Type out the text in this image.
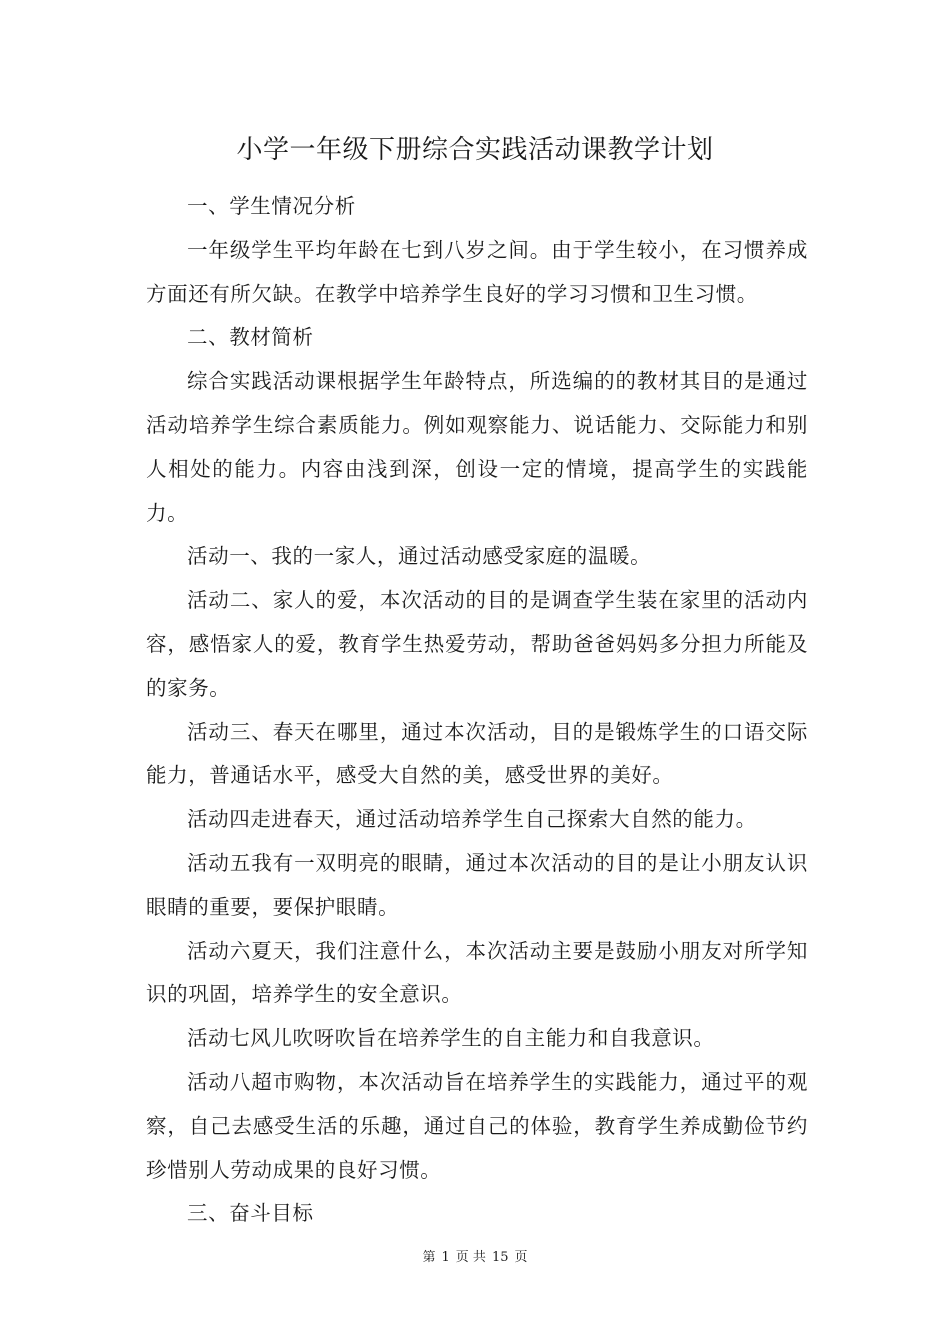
小学一年级下册综合实践活动课教学计划

一、学生情况分析

一年级学生平均年龄在七到八岁之间。由于学生较小，在习惯养成方面还有所欠缺。在教学中培养学生良好的学习习惯和卫生习惯。

二、教材简析

综合实践活动课根据学生年龄特点，所选编的的教材其目的是通过活动培养学生综合素质能力。例如观察能力、说话能力、交际能力和别人相处的能力。内容由浅到深，创设一定的情境，提高学生的实践能力。

活动一、我的一家人，通过活动感受家庭的温暖。

活动二、家人的爱，本次活动的目的是调查学生装在家里的活动内容，感悟家人的爱，教育学生热爱劳动，帮助爸爸妈妈多分担力所能及的家务。

活动三、春天在哪里，通过本次活动，目的是锻炼学生的口语交际能力，普通话水平，感受大自然的美，感受世界的美好。

活动四走进春天，通过活动培养学生自己探索大自然的能力。

活动五我有一双明亮的眼睛，通过本次活动的目的是让小朋友认识眼睛的重要，要保护眼睛。

活动六夏天，我们注意什么，本次活动主要是鼓励小朋友对所学知识的巩固，培养学生的安全意识。

活动七风儿吹呀吹旨在培养学生的自主能力和自我意识。

活动八超市购物，本次活动旨在培养学生的实践能力，通过平的观察，自己去感受生活的乐趣，通过自己的体验，教育学生养成勤俭节约珍惜别人劳动成果的良好习惯。

三、奋斗目标

第 1 页 共 15 页
